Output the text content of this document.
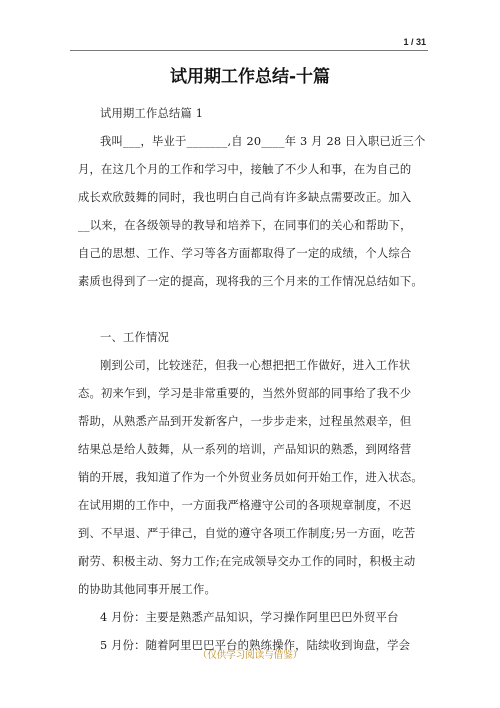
1 / 31
试用期工作总结-十篇
试用期工作总结篇 1
我叫___，毕业于_______,自 20____年 3 月 28 日入职已近三个
月，在这几个月的工作和学习中，接触了不少人和事，在为自己的
成长欢欣鼓舞的同时，我也明白自己尚有许多缺点需要改正。加入
__以来，在各级领导的教导和培养下，在同事们的关心和帮助下，
自己的思想、工作、学习等各方面都取得了一定的成绩，个人综合
素质也得到了一定的提高，现将我的三个月来的工作情况总结如下。
一、工作情况
刚到公司，比较迷茫，但我一心想把把工作做好，进入工作状
态。初来乍到，学习是非常重要的，当然外贸部的同事给了我不少
帮助，从熟悉产品到开发新客户，一步步走来，过程虽然艰辛，但
结果总是给人鼓舞，从一系列的培训，产品知识的熟悉，到网络营
销的开展，我知道了作为一个外贸业务员如何开始工作，进入状态。
在试用期的工作中，一方面我严格遵守公司的各项规章制度，不迟
到、不早退、严于律己，自觉的遵守各项工作制度;另一方面，吃苦
耐劳、积极主动、努力工作;在完成领导交办工作的同时，积极主动
的协助其他同事开展工作。
4 月份：主要是熟悉产品知识，学习操作阿里巴巴外贸平台
5 月份：随着阿里巴巴平台的熟练操作，陆续收到询盘，学会
（仅供学习阅读与借鉴）
